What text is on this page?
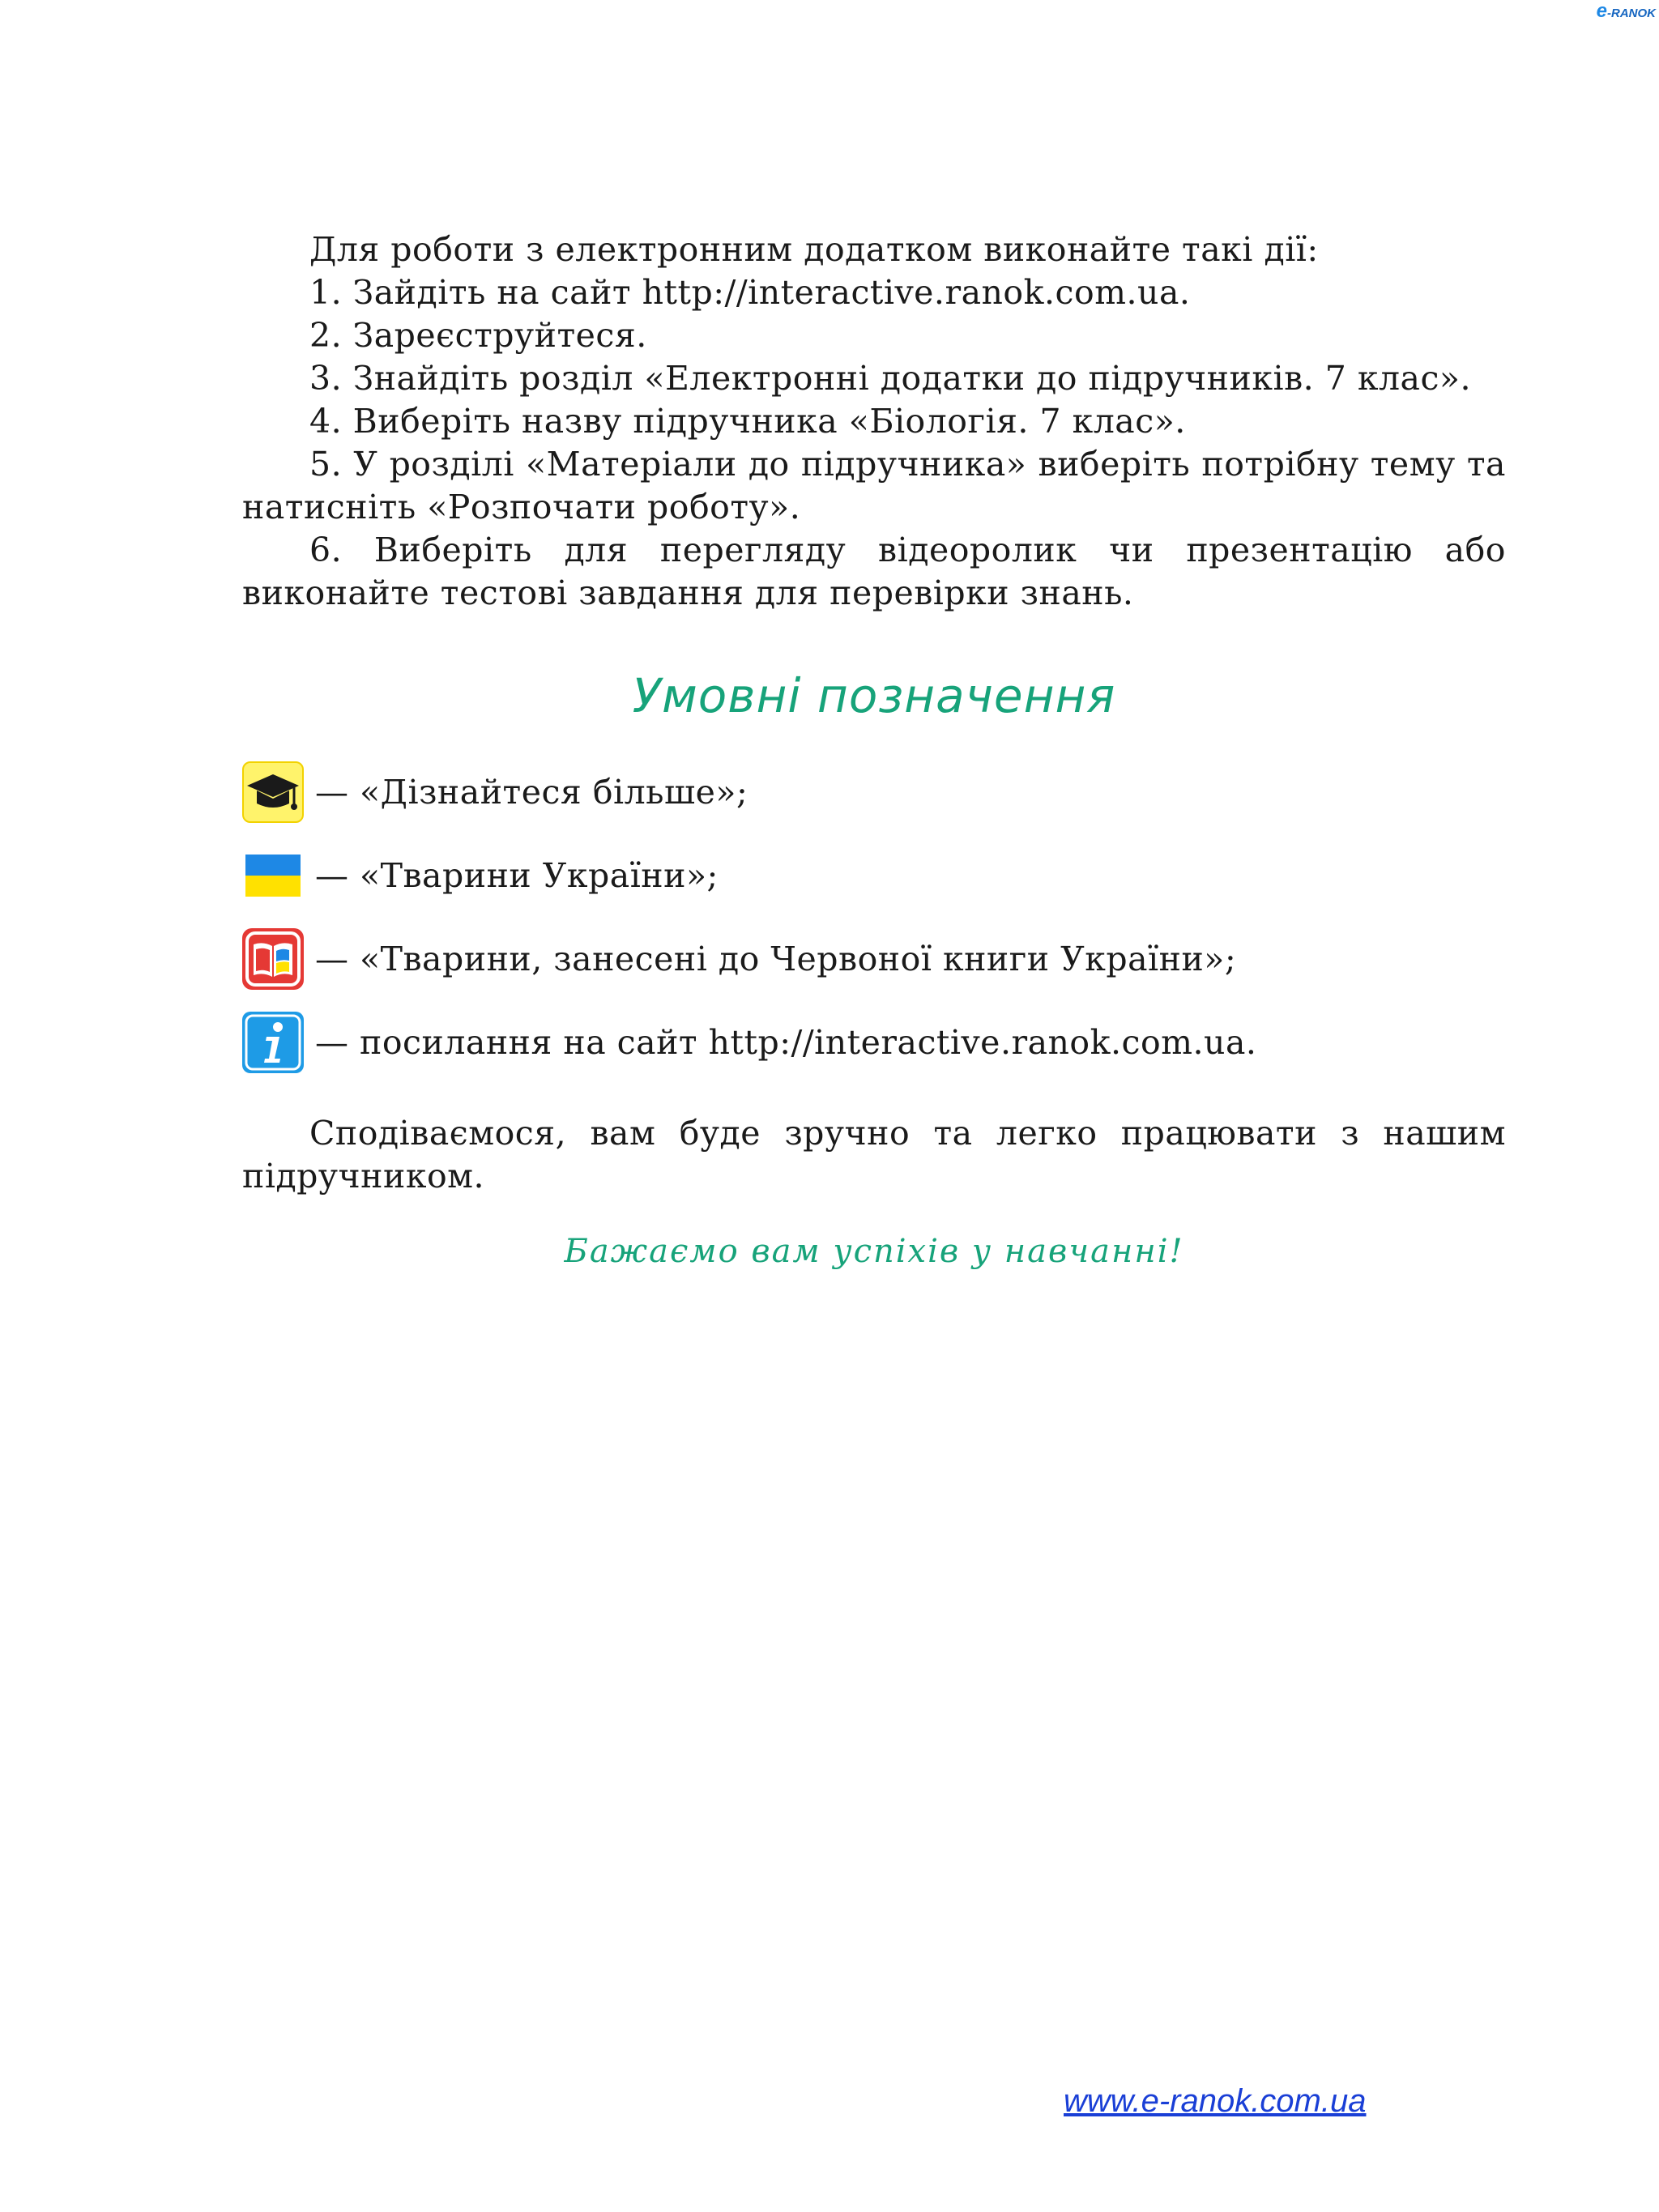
e-RANOK

Для роботи з електронним додатком виконайте такі дії:

1. Зайдіть на сайт http://interactive.ranok.com.ua.

2. Зареєструйтеся.

3. Знайдіть розділ «Електронні додатки до підручників. 7 клас».

4. Виберіть назву підручника «Біологія. 7 клас».

5. У розділі «Матеріали до підручника» виберіть потрібну тему та натисніть «Розпочати роботу».

6. Виберіть для перегляду відеоролик чи презентацію або виконайте тестові завдання для перевірки знань.

Умовні позначення
— «Дізнайтеся більше»;
— «Тварини України»;
— «Тварини, занесені до Червоної книги України»;
— посилання на сайт http://interactive.ranok.com.ua.

Сподіваємося, вам буде зручно та легко працювати з нашим підручником.

Бажаємо вам успіхів у навчанні!
www.e-ranok.com.ua
